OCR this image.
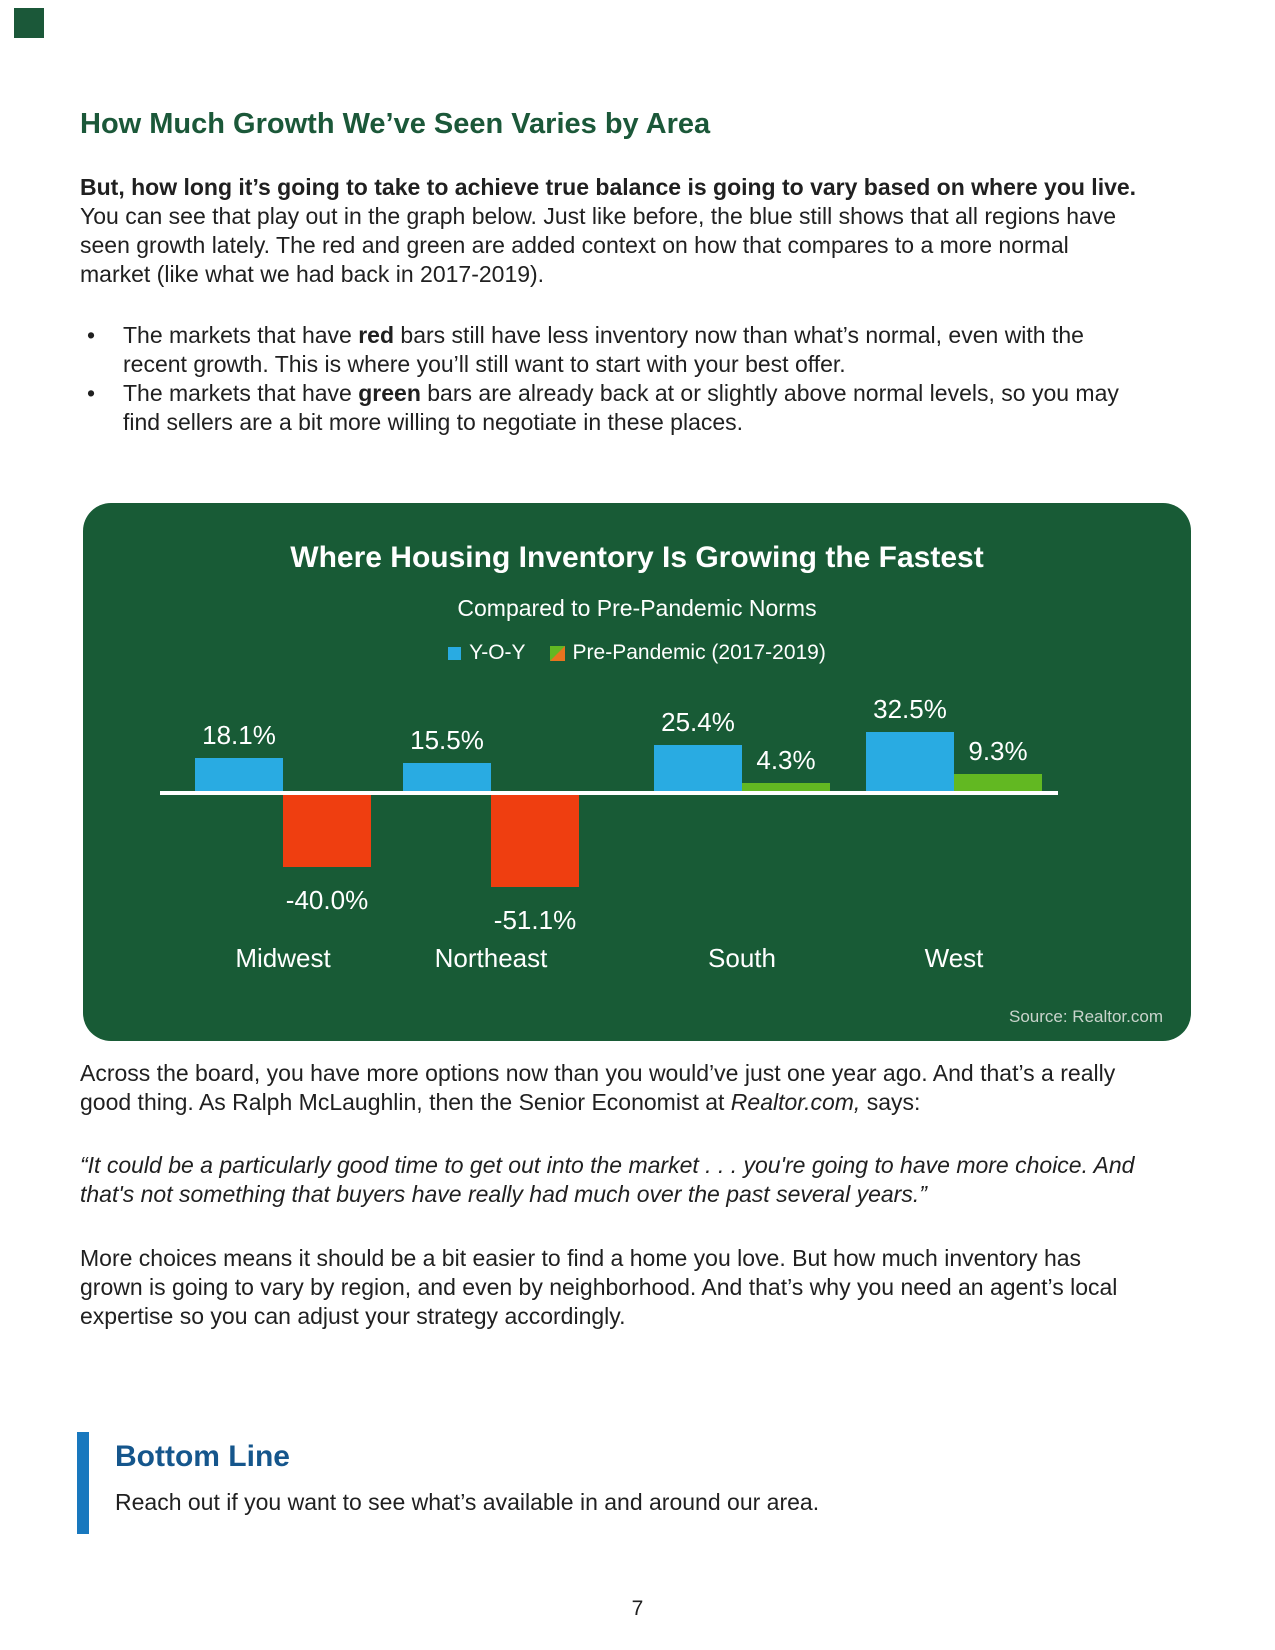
How Much Growth We’ve Seen Varies by Area

But, how long it’s going to take to achieve true balance is going to vary based on where you live. You can see that play out in the graph below. Just like before, the blue still shows that all regions have seen growth lately. The red and green are added context on how that compares to a more normal market (like what we had back in 2017-2019).

• The markets that have red bars still have less inventory now than what’s normal, even with the recent growth. This is where you’ll still want to start with your best offer.
• The markets that have green bars are already back at or slightly above normal levels, so you may find sellers are a bit more willing to negotiate in these places.
Where Housing Inventory Is Growing the Fastest
Compared to Pre-Pandemic Norms
Y-O-Y Pre-Pandemic (2017-2019)
18.1%
-40.0%
Midwest
15.5%
-51.1%
Northeast
25.4%
4.3%
South
32.5%
9.3%
West
Source: Realtor.com

Across the board, you have more options now than you would’ve just one year ago. And that’s a really good thing. As Ralph McLaughlin, then the Senior Economist at Realtor.com, says:

“It could be a particularly good time to get out into the market . . . you're going to have more choice. And that's not something that buyers have really had much over the past several years.”

More choices means it should be a bit easier to find a home you love. But how much inventory has grown is going to vary by region, and even by neighborhood. And that’s why you need an agent’s local expertise so you can adjust your strategy accordingly.

Bottom Line
Reach out if you want to see what’s available in and around our area.
7
